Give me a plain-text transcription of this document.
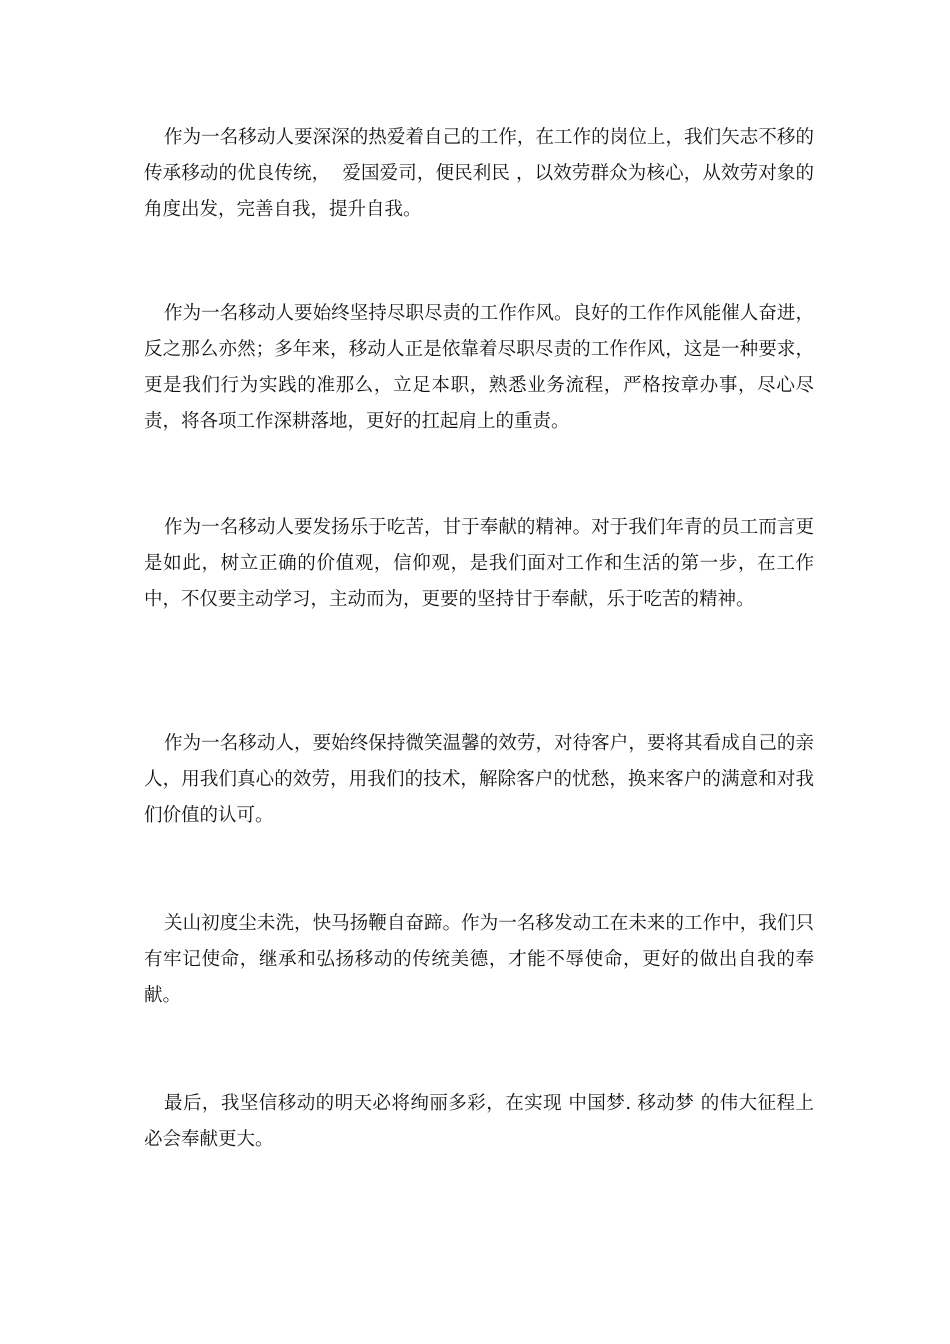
作为一名移动人要深深的热爱着自己的工作，在工作的岗位上，我们矢志不移的传承移动的优良传统，  爱国爱司，便民利民 ，以效劳群众为核心，从效劳对象的角度出发，完善自我，提升自我。

作为一名移动人要始终坚持尽职尽责的工作作风。良好的工作作风能催人奋进，反之那么亦然；多年来，移动人正是依靠着尽职尽责的工作作风，这是一种要求，更是我们行为实践的准那么，立足本职，熟悉业务流程，严格按章办事，尽心尽责，将各项工作深耕落地，更好的扛起肩上的重责。

作为一名移动人要发扬乐于吃苦，甘于奉献的精神。对于我们年青的员工而言更是如此，树立正确的价值观，信仰观，是我们面对工作和生活的第一步，在工作中，不仅要主动学习，主动而为，更要的坚持甘于奉献，乐于吃苦的精神。

作为一名移动人，要始终保持微笑温馨的效劳，对待客户，要将其看成自己的亲人，用我们真心的效劳，用我们的技术，解除客户的忧愁，换来客户的满意和对我们价值的认可。

关山初度尘未洗，快马扬鞭自奋蹄。作为一名移发动工在未来的工作中，我们只有牢记使命，继承和弘扬移动的传统美德，才能不辱使命，更好的做出自我的奉献。

最后，我坚信移动的明天必将绚丽多彩，在实现 中国梦. 移动梦 的伟大征程上必会奉献更大。
